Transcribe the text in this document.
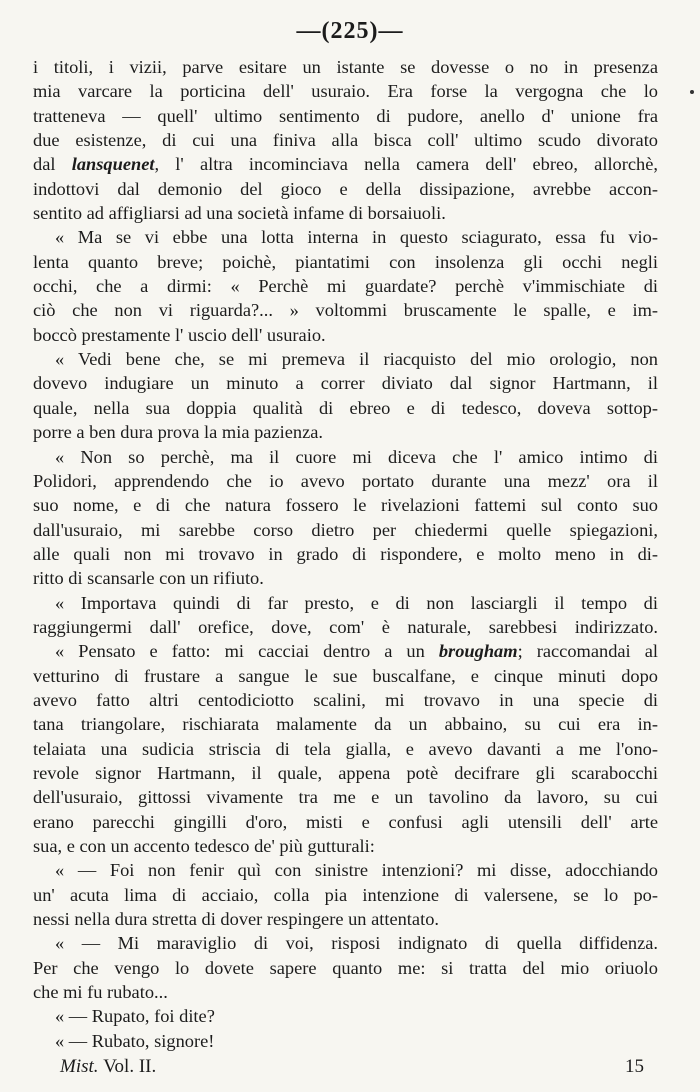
—(225)—
i titoli, i vizii, parve esitare un istante se dovesse o no in presenza
mia varcare la porticina dell' usuraio. Era forse la vergogna che lo
tratteneva — quell' ultimo sentimento di pudore, anello d' unione fra
due esistenze, di cui una finiva alla bisca coll' ultimo scudo divorato
dal lansquenet, l' altra incominciava nella camera dell' ebreo, allorchè,
indottovi dal demonio del gioco e della dissipazione, avrebbe accon-
sentito ad affigliarsi ad una società infame di borsaiuoli.
« Ma se vi ebbe una lotta interna in questo sciagurato, essa fu vio-
lenta quanto breve; poichè, piantatimi con insolenza gli occhi negli
occhi, che a dirmi: « Perchè mi guardate? perchè v'immischiate di
ciò che non vi riguarda?... » voltommi bruscamente le spalle, e im-
boccò prestamente l' uscio dell' usuraio.
« Vedi bene che, se mi premeva il riacquisto del mio orologio, non
dovevo indugiare un minuto a correr diviato dal signor Hartmann, il
quale, nella sua doppia qualità di ebreo e di tedesco, doveva sottop-
porre a ben dura prova la mia pazienza.
« Non so perchè, ma il cuore mi diceva che l' amico intimo di
Polidori, apprendendo che io avevo portato durante una mezz' ora il
suo nome, e di che natura fossero le rivelazioni fattemi sul conto suo
dall'usuraio, mi sarebbe corso dietro per chiedermi quelle spiegazioni,
alle quali non mi trovavo in grado di rispondere, e molto meno in di-
ritto di scansarle con un rifiuto.
« Importava quindi di far presto, e di non lasciargli il tempo di
raggiungermi dall' orefice, dove, com' è naturale, sarebbesi indirizzato.
« Pensato e fatto: mi cacciai dentro a un brougham; raccomandai al
vetturino di frustare a sangue le sue buscalfane, e cinque minuti dopo
avevo fatto altri centodiciotto scalini, mi trovavo in una specie di
tana triangolare, rischiarata malamente da un abbaino, su cui era in-
telaiata una sudicia striscia di tela gialla, e avevo davanti a me l'ono-
revole signor Hartmann, il quale, appena potè decifrare gli scarabocchi
dell'usuraio, gittossi vivamente tra me e un tavolino da lavoro, su cui
erano parecchi gingilli d'oro, misti e confusi agli utensili dell' arte
sua, e con un accento tedesco de' più gutturali:
« — Foi non fenir quì con sinistre intenzioni? mi disse, adocchiando
un' acuta lima di acciaio, colla pia intenzione di valersene, se lo po-
nessi nella dura stretta di dover respingere un attentato.
« — Mi maraviglio di voi, risposi indignato di quella diffidenza.
Per che vengo lo dovete sapere quanto me: si tratta del mio oriuolo
che mi fu rubato...
« — Rupato, foi dite?
« — Rubato, signore!
Mist. Vol. II.	15
